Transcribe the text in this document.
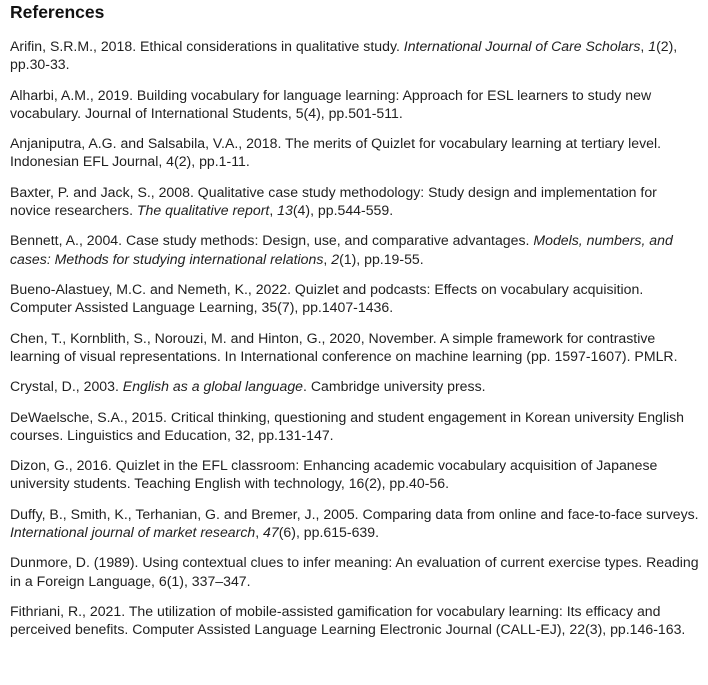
References
Arifin, S.R.M., 2018. Ethical considerations in qualitative study. International Journal of Care Scholars, 1(2), pp.30-33.
Alharbi, A.M., 2019. Building vocabulary for language learning: Approach for ESL learners to study new vocabulary. Journal of International Students, 5(4), pp.501-511.
Anjaniputra, A.G. and Salsabila, V.A., 2018. The merits of Quizlet for vocabulary learning at tertiary level. Indonesian EFL Journal, 4(2), pp.1-11.
Baxter, P. and Jack, S., 2008. Qualitative case study methodology: Study design and implementation for novice researchers. The qualitative report, 13(4), pp.544-559.
Bennett, A., 2004. Case study methods: Design, use, and comparative advantages. Models, numbers, and cases: Methods for studying international relations, 2(1), pp.19-55.
Bueno-Alastuey, M.C. and Nemeth, K., 2022. Quizlet and podcasts: Effects on vocabulary acquisition. Computer Assisted Language Learning, 35(7), pp.1407-1436.
Chen, T., Kornblith, S., Norouzi, M. and Hinton, G., 2020, November. A simple framework for contrastive learning of visual representations. In International conference on machine learning (pp. 1597-1607). PMLR.
Crystal, D., 2003. English as a global language. Cambridge university press.
DeWaelsche, S.A., 2015. Critical thinking, questioning and student engagement in Korean university English courses. Linguistics and Education, 32, pp.131-147.
Dizon, G., 2016. Quizlet in the EFL classroom: Enhancing academic vocabulary acquisition of Japanese university students. Teaching English with technology, 16(2), pp.40-56.
Duffy, B., Smith, K., Terhanian, G. and Bremer, J., 2005. Comparing data from online and face-to-face surveys. International journal of market research, 47(6), pp.615-639.
Dunmore, D. (1989). Using contextual clues to infer meaning: An evaluation of current exercise types. Reading in a Foreign Language, 6(1), 337–347.
Fithriani, R., 2021. The utilization of mobile-assisted gamification for vocabulary learning: Its efficacy and perceived benefits. Computer Assisted Language Learning Electronic Journal (CALL-EJ), 22(3), pp.146-163.
